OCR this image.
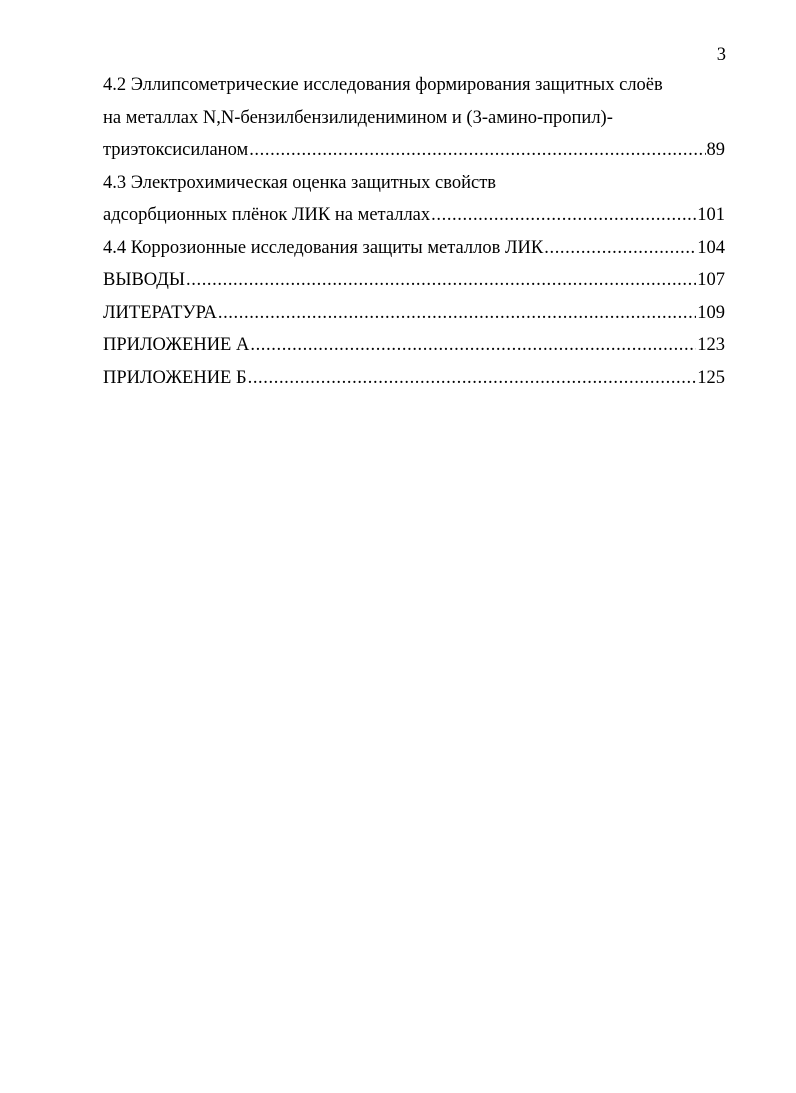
3
4.2 Эллипсометрические исследования формирования защитных слоёв
на металлах N,N-бензилбензилиденимином и (3-амино-пропил)-
триэтоксисиланом .....	89
4.3 Электрохимическая оценка защитных свойств
адсорбционных плёнок ЛИК на металлах .....	101
4.4 Коррозионные исследования защиты металлов ЛИК .....	104
ВЫВОДЫ .....	107
ЛИТЕРАТУРА .....	109
ПРИЛОЖЕНИЕ А .....	123
ПРИЛОЖЕНИЕ Б .....	125
